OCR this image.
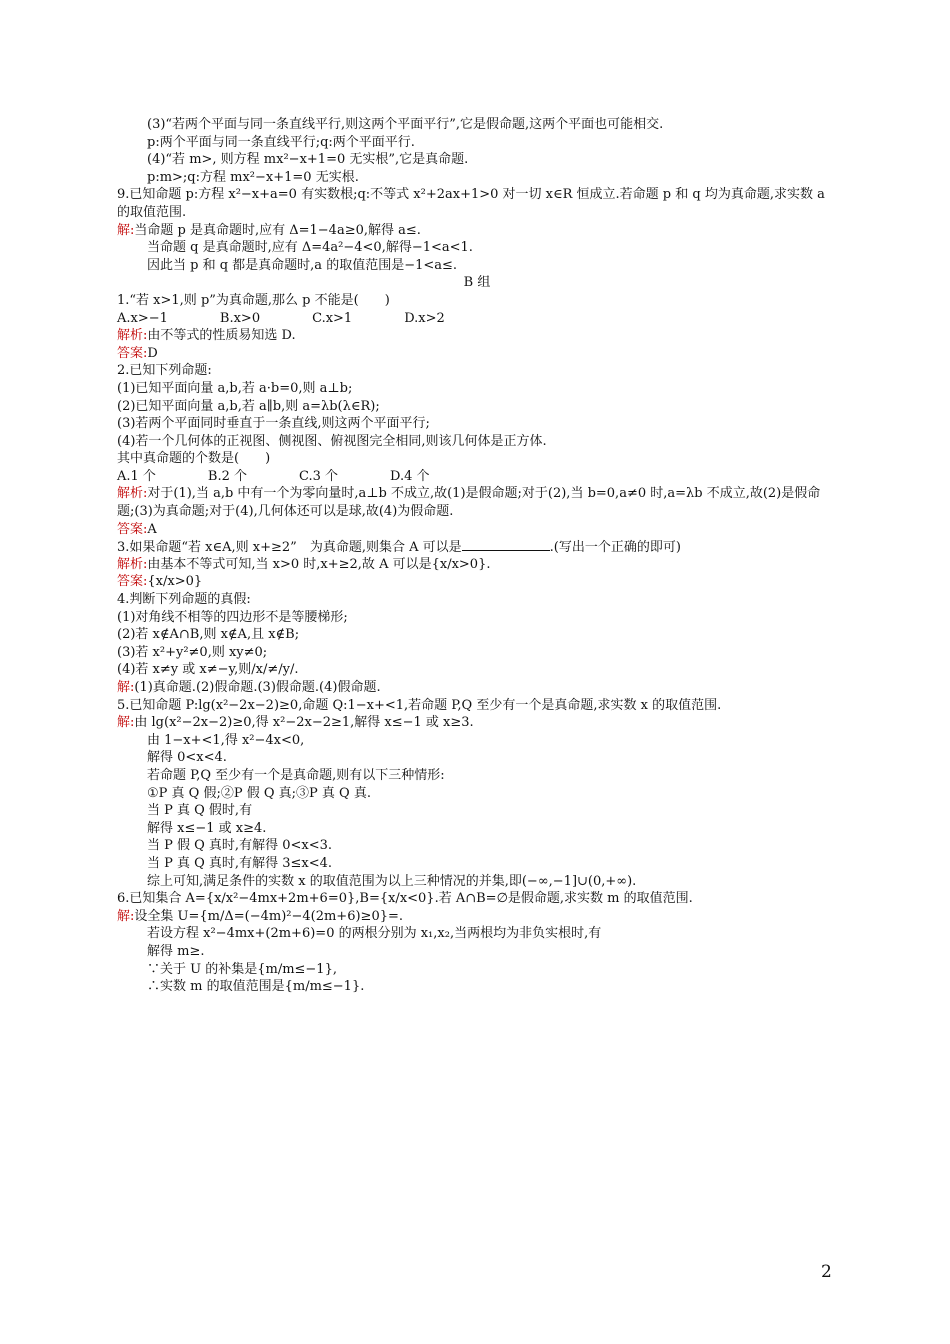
(3)“若两个平面与同一条直线平行,则这两个平面平行”,它是假命题,这两个平面也可能相交.
p:两个平面与同一条直线平行;q:两个平面平行.
(4)“若 m>, 则方程 mx²−x+1=0 无实根”,它是真命题.
p:m>;q:方程 mx²−x+1=0 无实根.
9.已知命题 p:方程 x²−x+a=0 有实数根;q:不等式 x²+2ax+1>0 对一切 x∈R 恒成立.若命题 p 和 q 均为真命题,求实数 a 的取值范围.
解:当命题 p 是真命题时,应有 Δ=1−4a≥0,解得 a≤.
当命题 q 是真命题时,应有 Δ=4a²−4<0,解得−1<a<1.
因此当 p 和 q 都是真命题时,a 的取值范围是−1<a≤.
B 组
1.“若 x>1,则 p”为真命题,那么 p 不能是(　　)
A.x>−1　　　　B.x>0　　　　C.x>1　　　　D.x>2
解析:由不等式的性质易知选 D.
答案:D
2.已知下列命题:
(1)已知平面向量 a,b,若 a·b=0,则 a⊥b;
(2)已知平面向量 a,b,若 a∥b,则 a=λb(λ∈R);
(3)若两个平面同时垂直于一条直线,则这两个平面平行;
(4)若一个几何体的正视图、侧视图、俯视图完全相同,则该几何体是正方体.
其中真命题的个数是(　　)
A.1 个　　　　B.2 个　　　　C.3 个　　　　D.4 个
解析:对于(1),当 a,b 中有一个为零向量时,a⊥b 不成立,故(1)是假命题;对于(2),当 b=0,a≠0 时,a=λb 不成立,故(2)是假命题;(3)为真命题;对于(4),几何体还可以是球,故(4)为假命题.
答案:A
3.如果命题“若 x∈A,则 x+≥2”　为真命题,则集合 A 可以是	.(写出一个正确的即可)
解析:由基本不等式可知,当 x>0 时,x+≥2,故 A 可以是{x/x>0}.
答案:{x/x>0}
4.判断下列命题的真假:
(1)对角线不相等的四边形不是等腰梯形;
(2)若 x∉A∩B,则 x∉A,且 x∉B;
(3)若 x²+y²≠0,则 xy≠0;
(4)若 x≠y 或 x≠−y,则/x/≠/y/.
解:(1)真命题.(2)假命题.(3)假命题.(4)假命题.
5.已知命题 P:lg(x²−2x−2)≥0,命题 Q:1−x+<1,若命题 P,Q 至少有一个是真命题,求实数 x 的取值范围.
解:由 lg(x²−2x−2)≥0,得 x²−2x−2≥1,解得 x≤−1 或 x≥3.
由 1−x+<1,得 x²−4x<0,
解得 0<x<4.
若命题 P,Q 至少有一个是真命题,则有以下三种情形:
①P 真 Q 假;②P 假 Q 真;③P 真 Q 真.
当 P 真 Q 假时,有
解得 x≤−1 或 x≥4.
当 P 假 Q 真时,有解得 0<x<3.
当 P 真 Q 真时,有解得 3≤x<4.
综上可知,满足条件的实数 x 的取值范围为以上三种情况的并集,即(−∞,−1]∪(0,+∞).
6.已知集合 A={x/x²−4mx+2m+6=0},B={x/x<0}.若 A∩B=∅是假命题,求实数 m 的取值范围.
解:设全集 U={m/Δ=(−4m)²−4(2m+6)≥0}=.
若设方程 x²−4mx+(2m+6)=0 的两根分别为 x₁,x₂,当两根均为非负实根时,有
解得 m≥.
∵关于 U 的补集是{m/m≤−1},
∴实数 m 的取值范围是{m/m≤−1}.
2
